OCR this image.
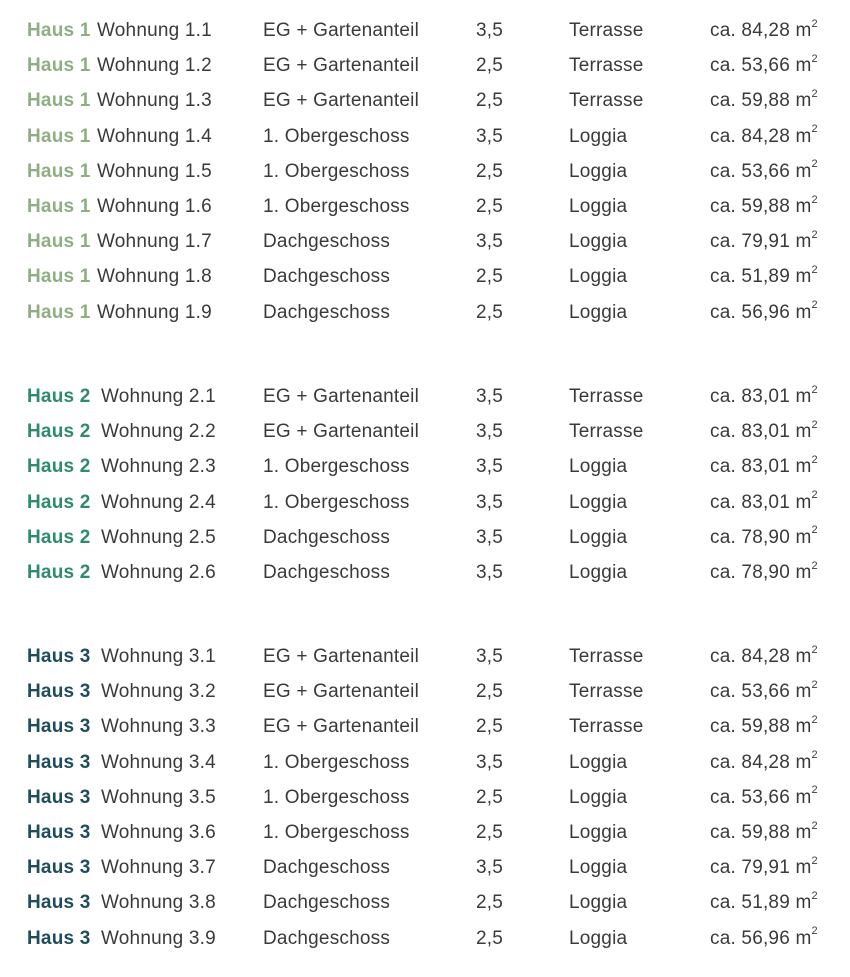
Haus 1 Wohnung 1.1	EG + Gartenanteil	3,5	Terrasse	ca. 84,28 $m^2$
Haus 1 Wohnung 1.2	EG + Gartenanteil	2,5	Terrasse	ca. 53,66 $m^2$
Haus 1 Wohnung 1.3	EG + Gartenanteil	2,5	Terrasse	ca. 59,88 $m^2$
Haus 1 Wohnung 1.4	1. Obergeschoss	3,5	Loggia	ca. 84,28 $m^2$
Haus 1 Wohnung 1.5	1. Obergeschoss	2,5	Loggia	ca. 53,66 $m^2$
Haus 1 Wohnung 1.6	1. Obergeschoss	2,5	Loggia	ca. 59,88 $m^2$
Haus 1 Wohnung 1.7	Dachgeschoss	3,5	Loggia	ca. 79,91 $m^2$
Haus 1 Wohnung 1.8	Dachgeschoss	2,5	Loggia	ca. 51,89 $m^2$
Haus 1 Wohnung 1.9	Dachgeschoss	2,5	Loggia	ca. 56,96 $m^2$
Haus 2 Wohnung 2.1 EG + Gartenanteil	3,5	Terrasse	ca. 83,01 $m^2$
Haus 2 Wohnung 2.2 EG + Gartenanteil	3,5	Terrasse	ca. 83,01 $m^2$
Haus 2 Wohnung 2.3 1. Obergeschoss	3,5	Loggia	ca. 83,01 $m^2$
Haus 2 Wohnung 2.4 1. Obergeschoss	3,5	Loggia	ca. 83,01 $m^2$
Haus 2 Wohnung 2.5 Dachgeschoss	3,5	Loggia	ca. 78,90 $m^2$
Haus 2 Wohnung 2.6 Dachgeschoss	3,5	Loggia	ca. 78,90 $m^2$
Haus 3 Wohnung 3.1 EG + Gartenanteil	3,5	Terrasse	ca. 84,28 $m^2$
Haus 3 Wohnung 3.2 EG + Gartenanteil	2,5	Terrasse	ca. 53,66 $m^2$
Haus 3 Wohnung 3.3 EG + Gartenanteil	2,5	Terrasse	ca. 59,88 $m^2$
Haus 3 Wohnung 3.4 1. Obergeschoss	3,5	Loggia	ca. 84,28 $m^2$
Haus 3 Wohnung 3.5 1. Obergeschoss	2,5	Loggia	ca. 53,66 $m^2$
Haus 3 Wohnung 3.6 1. Obergeschoss	2,5	Loggia	ca. 59,88 $m^2$
Haus 3 Wohnung 3.7 Dachgeschoss	3,5	Loggia	ca. 79,91 $m^2$
Haus 3 Wohnung 3.8 Dachgeschoss	2,5	Loggia	ca. 51,89 $m^2$
Haus 3 Wohnung 3.9 Dachgeschoss	2,5	Loggia	ca. 56,96 $m^2$
